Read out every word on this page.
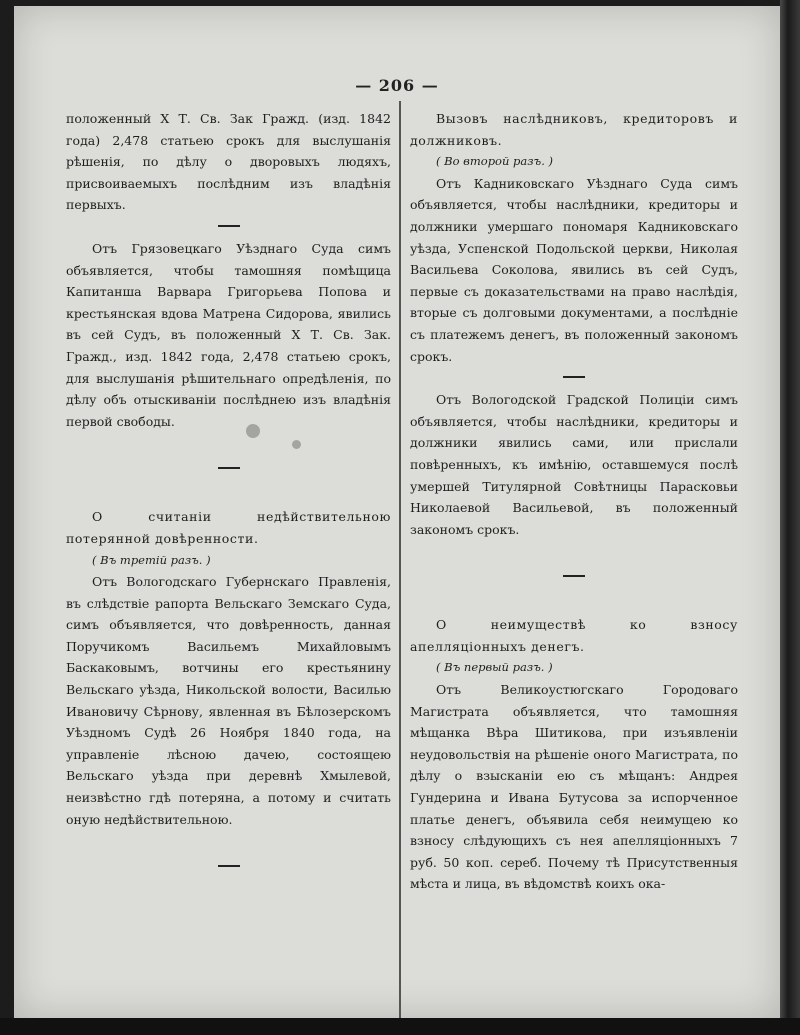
— 206 —

положенный Х Т. Св. Зак Гражд. (изд. 1842 года) 2,478 статьею срокъ для выслушанія рѣшенія, по дѣлу о дворовыхъ людяхъ, присвоиваемыхъ послѣдним изъ владѣнія первыхъ.

Отъ Грязовецкаго Уѣзднаго Суда симъ объявляется, чтобы тамошняя помѣщица Капитанша Варвара Григорьева Попова и крестьянская вдова Матрена Сидорова, явились въ сей Судъ, въ положенный Х Т. Св. Зак. Гражд., изд. 1842 года, 2,478 статьею срокъ, для выслушанія рѣшительнаго опредѣленія, по дѣлу объ отыскиваніи послѣднею изъ владѣнія первой свободы.

О считаніи недѣйствительною потерянной довѣренности.

( Въ третій разъ. )

Отъ Вологодскаго Губернскаго Правленія, въ слѣдствіе рапорта Вельскаго Земскаго Суда, симъ объявляется, что довѣренность, данная Поручикомъ Васильемъ Михайловымъ Баскаковымъ, вотчины его крестьянину Вельскаго уѣзда, Никольской волости, Василью Ивановичу Сѣрнову, явленная въ Бѣлозерскомъ Уѣздномъ Судѣ 26 Ноября 1840 года, на управленіе лѣсною дачею, состоящею Вельскаго уѣзда при деревнѣ Хмылевой, неизвѣстно гдѣ потеряна, а потому и считать оную недѣйствительною.

Вызовъ наслѣдниковъ, кредиторовъ и должниковъ.

( Во второй разъ. )

Отъ Кадниковскаго Уѣзднаго Суда симъ объявляется, чтобы наслѣдники, кредиторы и должники умершаго пономаря Кадниковскаго уѣзда, Успенской Подольской церкви, Николая Васильева Соколова, явились въ сей Судъ, первые съ доказательствами на право наслѣдія, вторые съ долговыми документами, а послѣдніе съ платежемъ денегъ, въ положенный закономъ срокъ.

Отъ Вологодской Градской Полиціи симъ объявляется, чтобы наслѣдники, кредиторы и должники явились сами, или прислали повѣренныхъ, къ имѣнію, оставшемуся послѣ умершей Титулярной Совѣтницы Парасковьи Николаевой Васильевой, въ положенный закономъ срокъ.

О неимуществѣ ко взносу апелляціонныхъ денегъ.

( Въ первый разъ. )

Отъ Великоустюгскаго Городоваго Магистрата объявляется, что тамошняя мѣщанка Вѣра Шитикова, при изъявленіи неудовольствія на рѣшеніе оного Магистрата, по дѣлу о взысканіи ею съ мѣщанъ: Андрея Гундерина и Ивана Бутусова за испорченное платье денегъ, объявила себя неимущею ко взносу слѣдующихъ съ нея апелляціонныхъ 7 руб. 50 коп. сереб. Почему тѣ Присутственныя мѣста и лица, въ вѣдомствѣ коихъ ока-
